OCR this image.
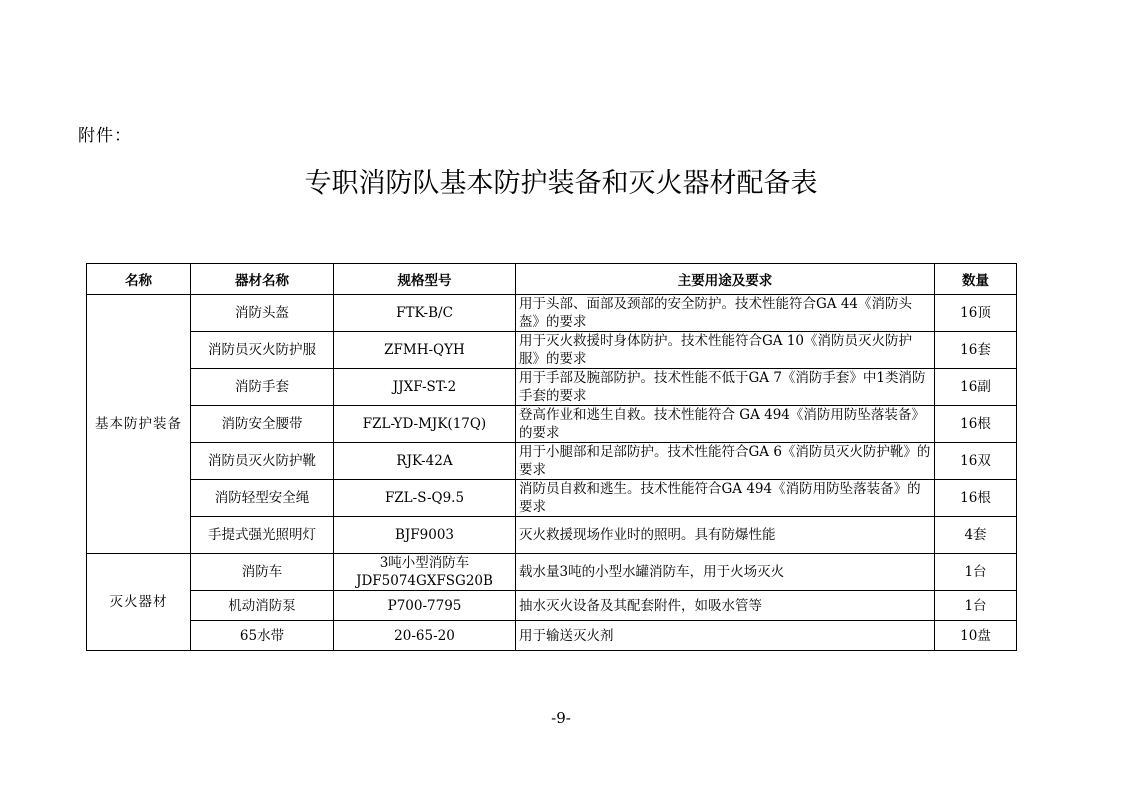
附件：
专职消防队基本防护装备和灭火器材配备表
名称	器材名称	规格型号	主要用途及要求	数量
基本防护装备	消防头盔	FTK-B/C	用于头部、面部及颈部的安全防护。技术性能符合GA 44《消防头盔》的要求	16顶
	消防员灭火防护服	ZFMH-QYH	用于灭火救援时身体防护。技术性能符合GA 10《消防员灭火防护服》的要求	16套
	消防手套	JJXF-ST-2	用于手部及腕部防护。技术性能不低于GA 7《消防手套》中1类消防手套的要求	16副
	消防安全腰带	FZL-YD-MJK(17Q)	登高作业和逃生自救。技术性能符合 GA 494《消防用防坠落装备》的要求	16根
	消防员灭火防护靴	RJK-42A	用于小腿部和足部防护。技术性能符合GA 6《消防员灭火防护靴》的要求	16双
	消防轻型安全绳	FZL-S-Q9.5	消防员自救和逃生。技术性能符合GA 494《消防用防坠落装备》的要求	16根
	手提式强光照明灯	BJF9003	灭火救援现场作业时的照明。具有防爆性能	4套
灭火器材	消防车	3吨小型消防车JDF5074GXFSG20B	载水量3吨的小型水罐消防车，用于火场灭火	1台
	机动消防泵	P700-7795	抽水灭火设备及其配套附件，如吸水管等	1台
	65水带	20-65-20	用于输送灭火剂	10盘
-9-
